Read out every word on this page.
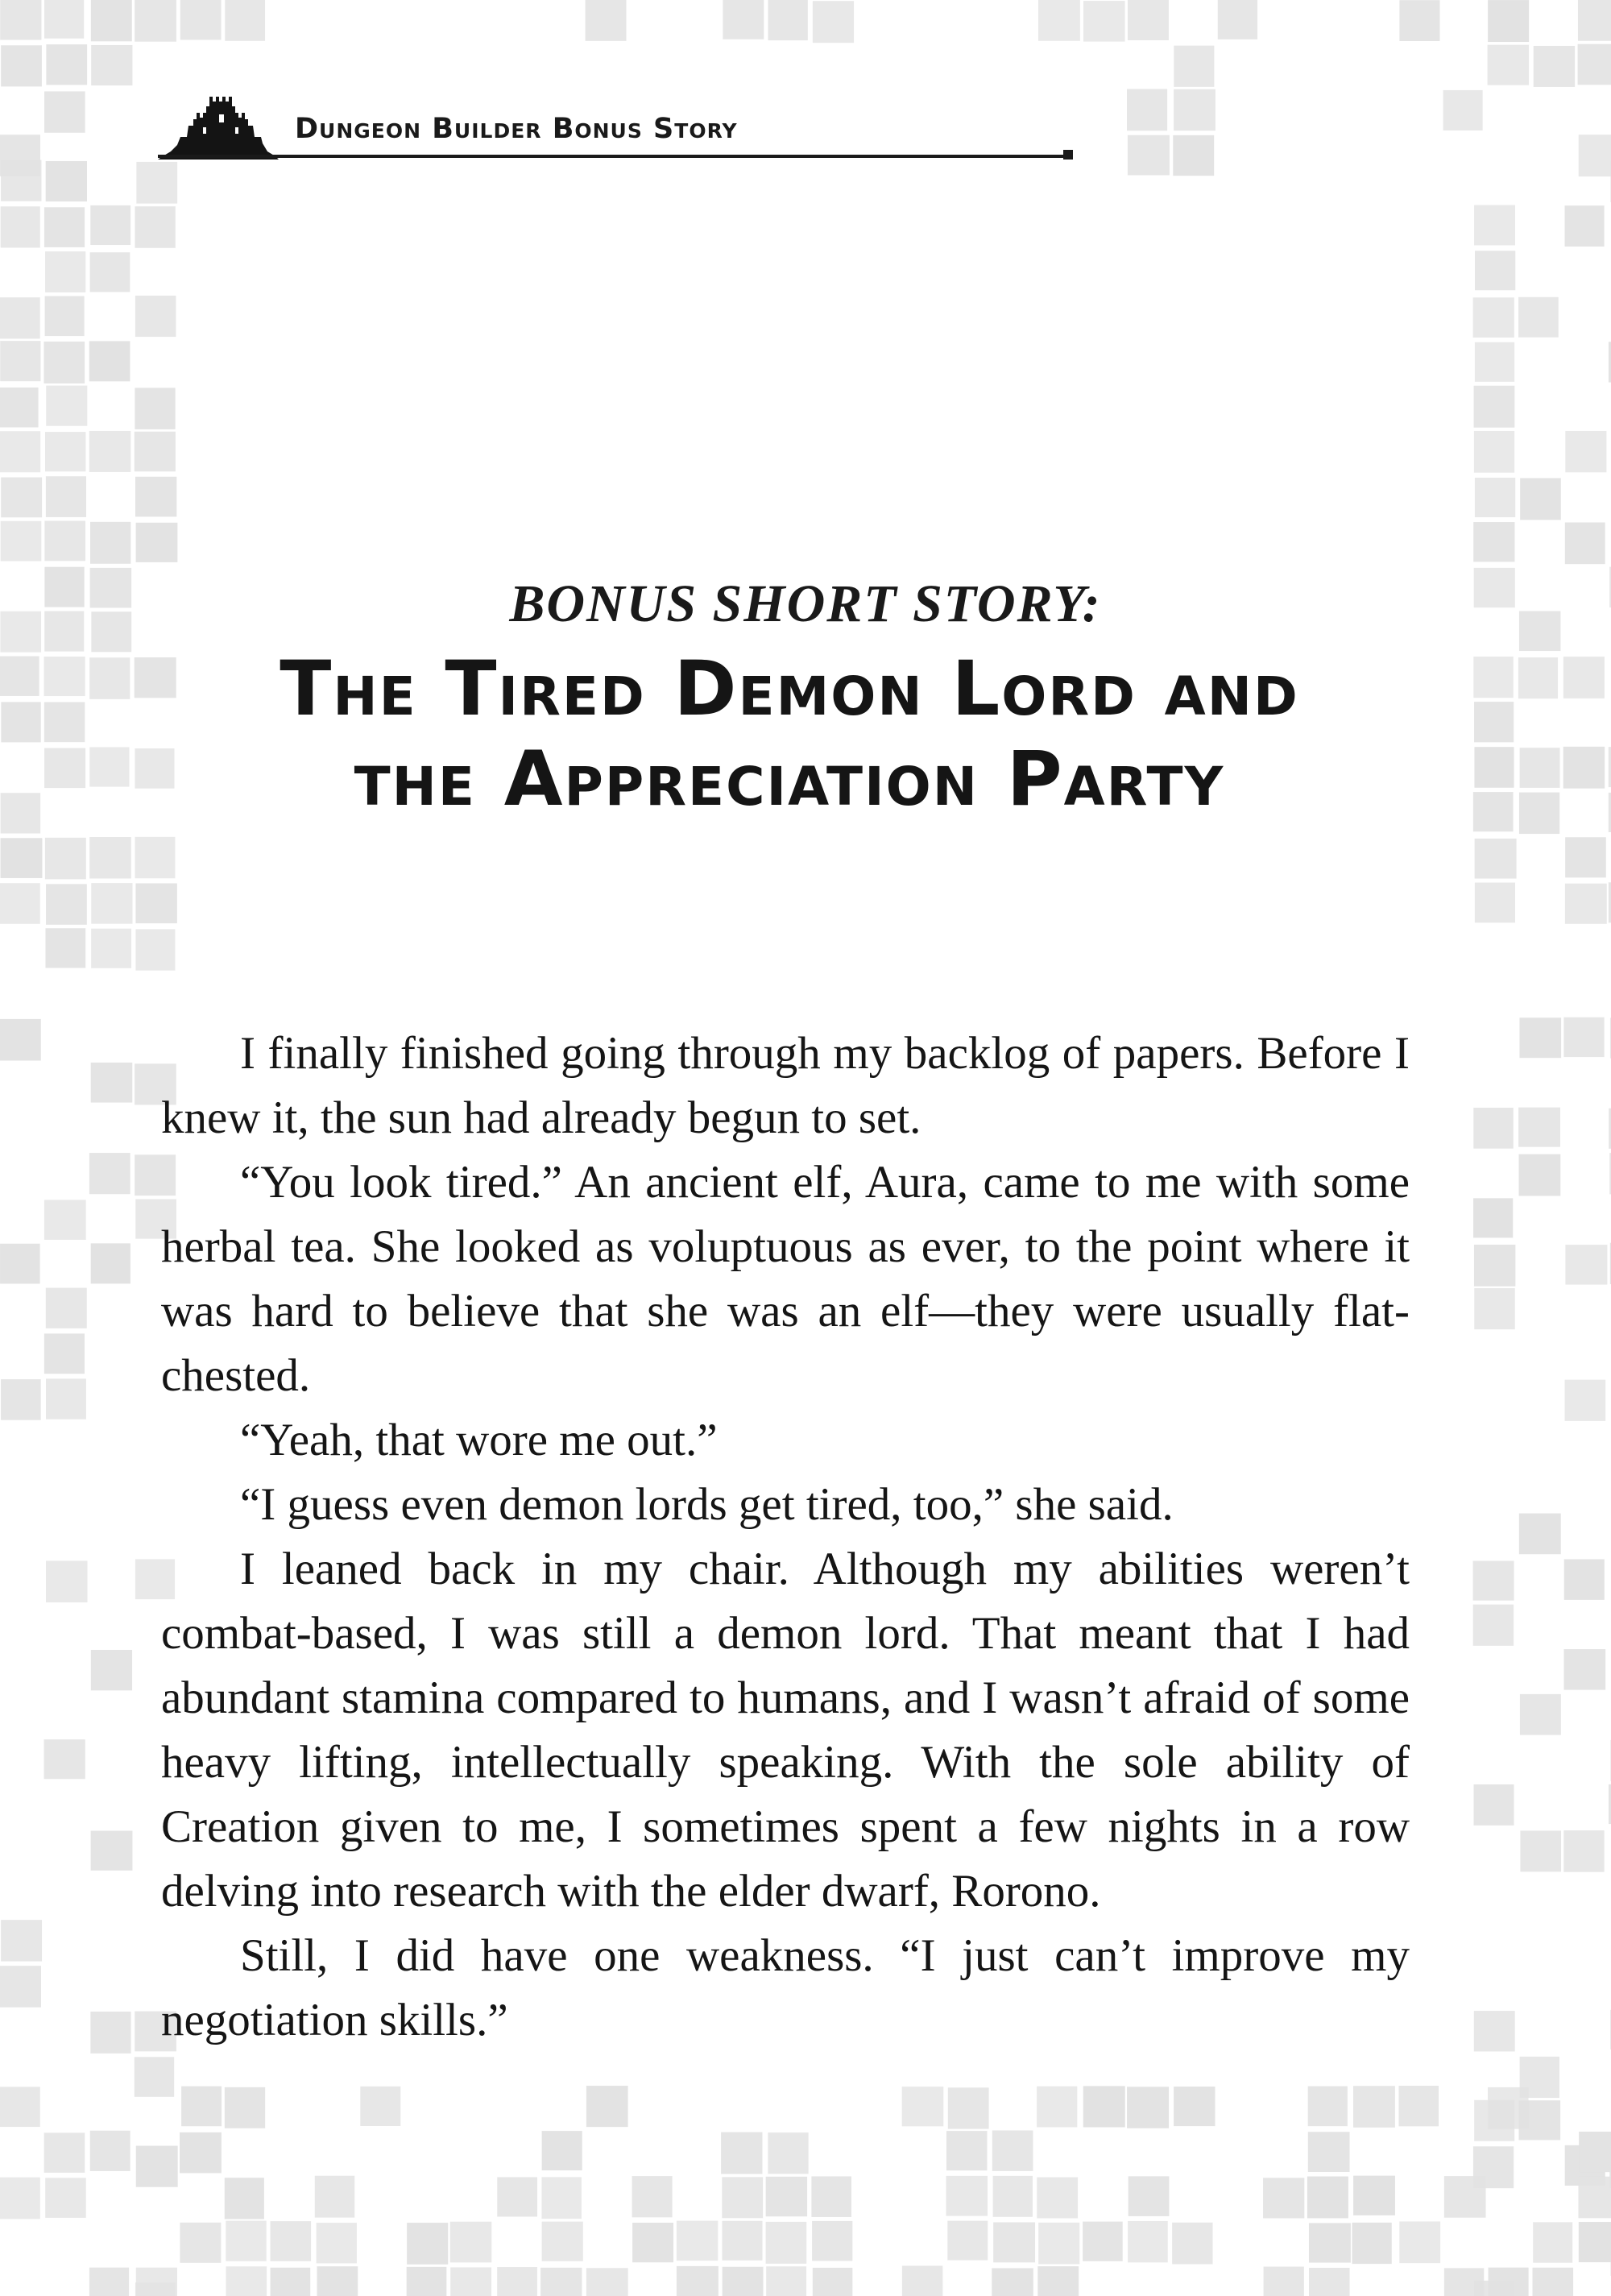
Dungeon Builder Bonus Story
BONUS SHORT STORY:
The Tired Demon Lord and
the Appreciation Party

I finally finished going through my backlog of papers. Before I knew it, the sun had already begun to set.

“You look tired.” An ancient elf, Aura, came to me with some herbal tea. She looked as voluptuous as ever, to the point where it was hard to believe that she was an elf—they were usually flat-chested.

“Yeah, that wore me out.”

“I guess even demon lords get tired, too,” she said.

I leaned back in my chair. Although my abilities weren’t combat-based, I was still a demon lord. That meant that I had abundant stamina compared to humans, and I wasn’t afraid of some heavy lifting, intellectually speaking. With the sole ability of Creation given to me, I sometimes spent a few nights in a row delving into research with the elder dwarf, Rorono.

Still, I did have one weakness. “I just can’t improve my negotiation skills.”
